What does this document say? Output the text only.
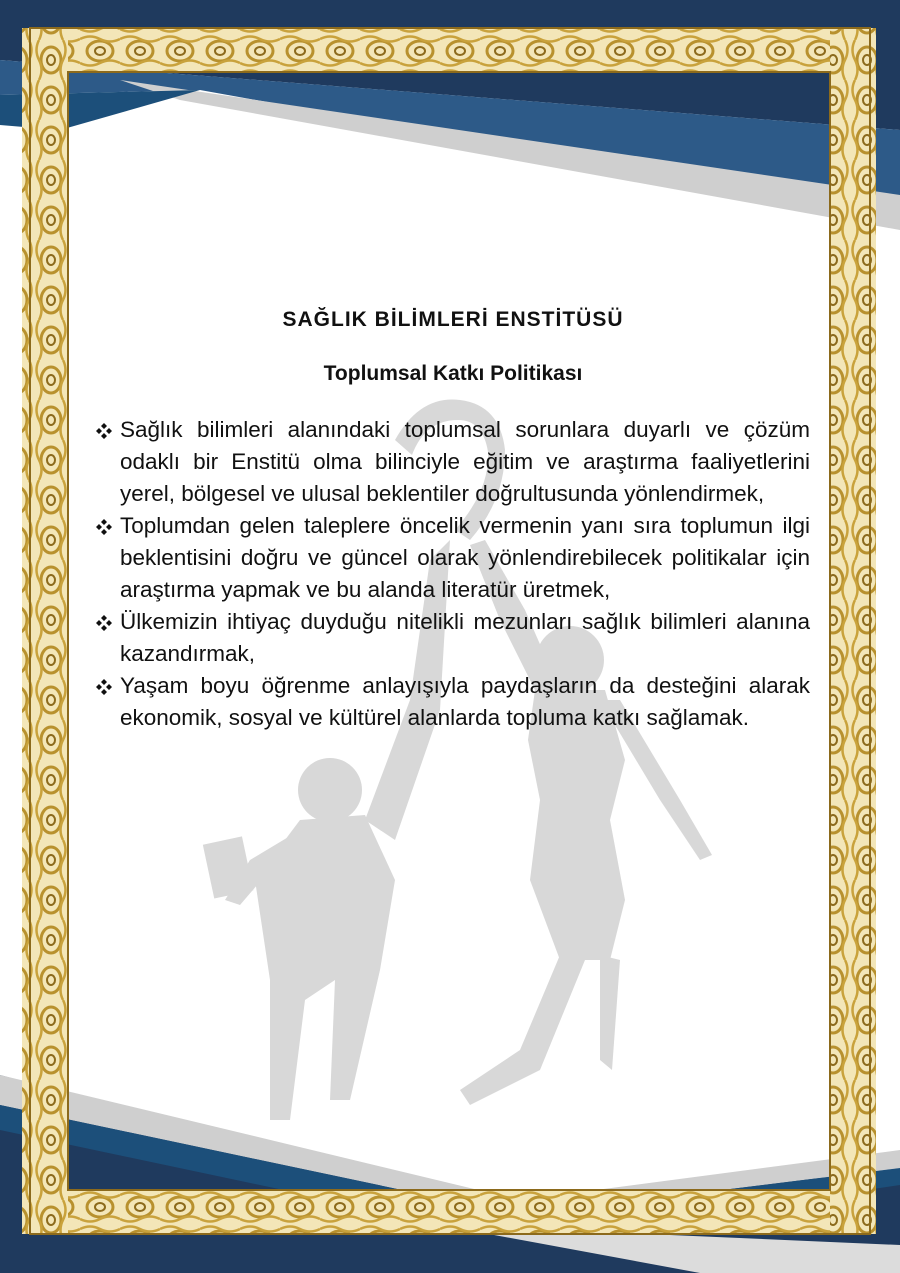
SAĞLIK BİLİMLERİ ENSTİTÜSÜ
Toplumsal Katkı Politikası
Sağlık bilimleri alanındaki toplumsal sorunlara duyarlı ve çözüm odaklı bir Enstitü olma bilinciyle eğitim ve araştırma faaliyetlerini yerel, bölgesel ve ulusal beklentiler doğrultusunda yönlendirmek,
Toplumdan gelen taleplere öncelik vermenin yanı sıra toplumun ilgi beklentisini doğru ve güncel olarak yönlendirebilecek politikalar için araştırma yapmak ve bu alanda literatür üretmek,
Ülkemizin ihtiyaç duyduğu nitelikli mezunları sağlık bilimleri alanına kazandırmak,
Yaşam boyu öğrenme anlayışıyla paydaşların da desteğini alarak ekonomik, sosyal ve kültürel alanlarda topluma katkı sağlamak.
